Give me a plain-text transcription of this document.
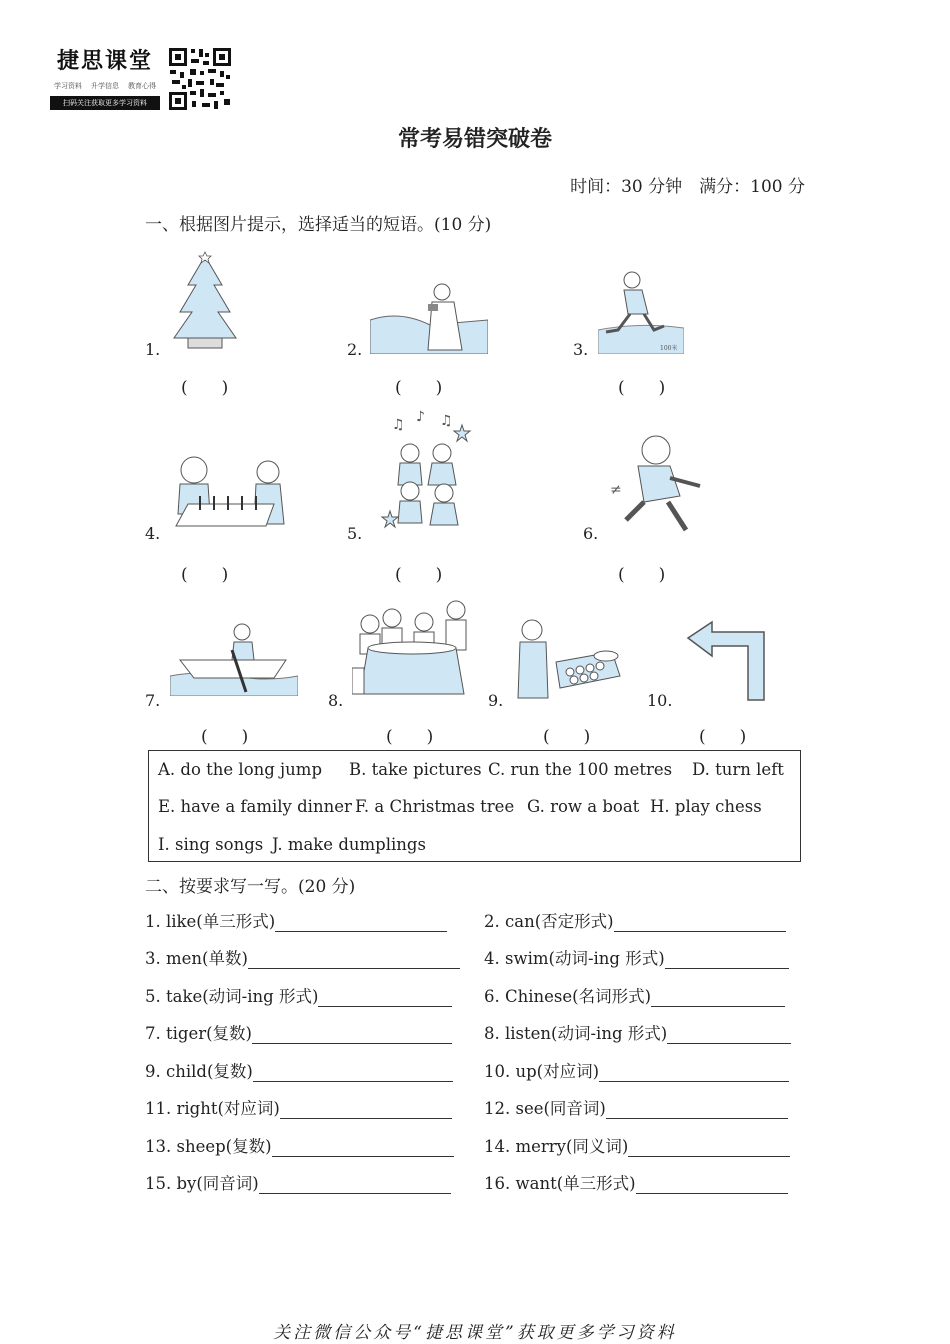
捷思课堂
学习资料 升学信息 教育心得
扫码关注获取更多学习资料
常考易错突破卷
时间：30 分钟　满分：100 分
一、根据图片提示，选择适当的短语。(10 分)
1.
(　　)
2.
(　　)
3.	100米
(　　)
4.
(　　)
5.
♫ ♪ ♫
(　　)
6.
≠
(　　)
7.
(　　)
8.
(　　)
9.
(　　)
10.
(　　)
A. do the long jump B. take pictures C. run the 100 metres D. turn left
E. have a family dinner F. a Christmas tree G. row a boat H. play chess
I. sing songs J. make dumplings
二、按要求写一写。(20 分)
1. like(单三形式)	2. can(否定形式)
3. men(单数)	4. swim(动词-ing 形式)
5. take(动词-ing 形式)	6. Chinese(名词形式)
7. tiger(复数)	8. listen(动词-ing 形式)
9. child(复数)	10. up(对应词)
11. right(对应词)	12. see(同音词)
13. sheep(复数)	14. merry(同义词)
15. by(同音词)	16. want(单三形式)
关注微信公众号“捷思课堂”获取更多学习资料
